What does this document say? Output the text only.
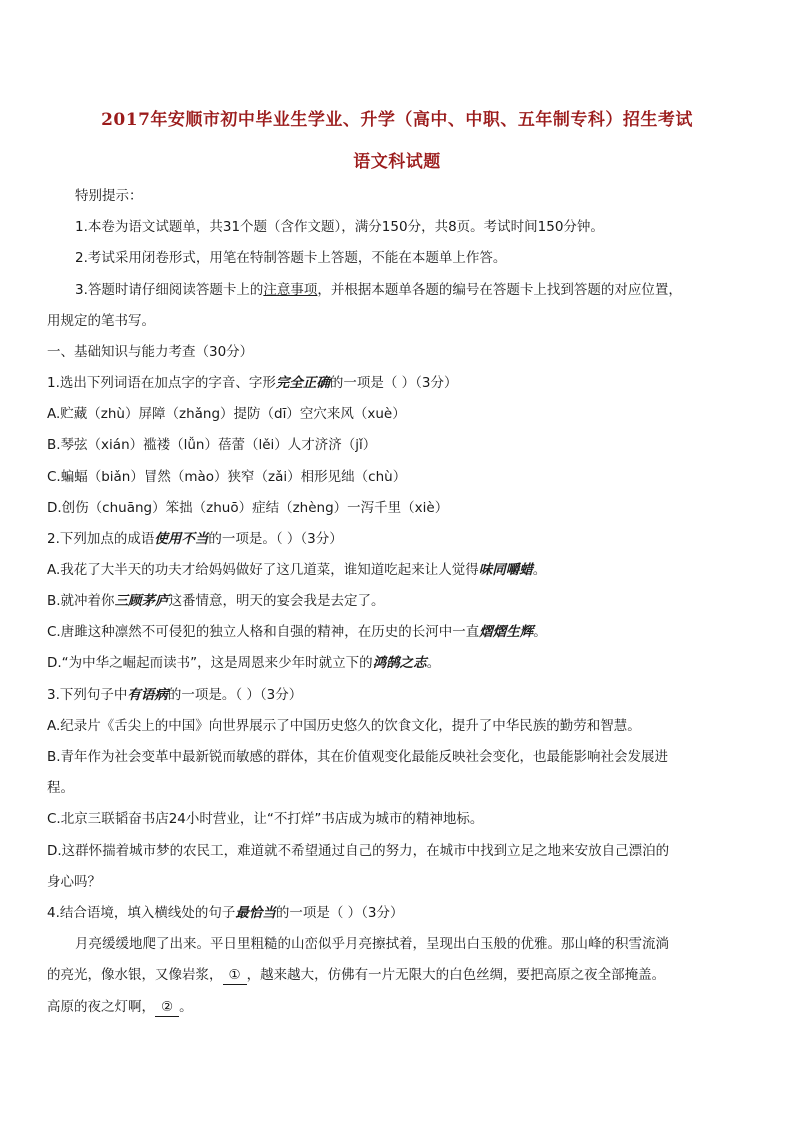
2017年安顺市初中毕业生学业、升学（高中、中职、五年制专科）招生考试
语文科试题
特别提示：
1.本卷为语文试题单，共31个题（含作文题），满分150分，共8页。考试时间150分钟。
2.考试采用闭卷形式，用笔在特制答题卡上答题，不能在本题单上作答。
3.答题时请仔细阅读答题卡上的注意事项，并根据本题单各题的编号在答题卡上找到答题的对应位置，
用规定的笔书写。
一、基础知识与能力考查（30分）
1.选出下列词语在加点字的字音、字形完全正确的一项是（ ）（3分）
A.贮藏（zhù）屏障（zhǎng）提防（dī）空穴来风（xuè）
B.琴弦（xián）褴褛（lǚn）蓓蕾（lěi）人才济济（jǐ）
C.蝙蝠（biǎn）冒然（mào）狭窄（zǎi）相形见绌（chù）
D.创伤（chuāng）笨拙（zhuō）症结（zhèng）一泻千里（xiè）
2.下列加点的成语使用不当的一项是。（ ）（3分）
A.我花了大半天的功夫才给妈妈做好了这几道菜，谁知道吃起来让人觉得味同嚼蜡。
B.就冲着你三顾茅庐这番情意，明天的宴会我是去定了。
C.唐雎这种凛然不可侵犯的独立人格和自强的精神，在历史的长河中一直熠熠生辉。
D.“为中华之崛起而读书”，这是周恩来少年时就立下的鸿鹄之志。
3.下列句子中有语病的一项是。（ ）（3分）
A.纪录片《舌尖上的中国》向世界展示了中国历史悠久的饮食文化，提升了中华民族的勤劳和智慧。
B.青年作为社会变革中最新锐而敏感的群体，其在价值观变化最能反映社会变化，也最能影响社会发展进
程。
C.北京三联韬奋书店24小时营业，让“不打烊”书店成为城市的精神地标。
D.这群怀揣着城市梦的农民工，难道就不希望通过自己的努力，在城市中找到立足之地来安放自己漂泊的
身心吗？
4.结合语境，填入横线处的句子最恰当的一项是（ ）（3分）
月亮缓缓地爬了出来。平日里粗糙的山峦似乎月亮擦拭着，呈现出白玉般的优雅。那山峰的积雪流淌
的亮光，像水银，又像岩浆， ① ，越来越大，仿佛有一片无限大的白色丝绸，要把高原之夜全部掩盖。
高原的夜之灯啊， ② 。
